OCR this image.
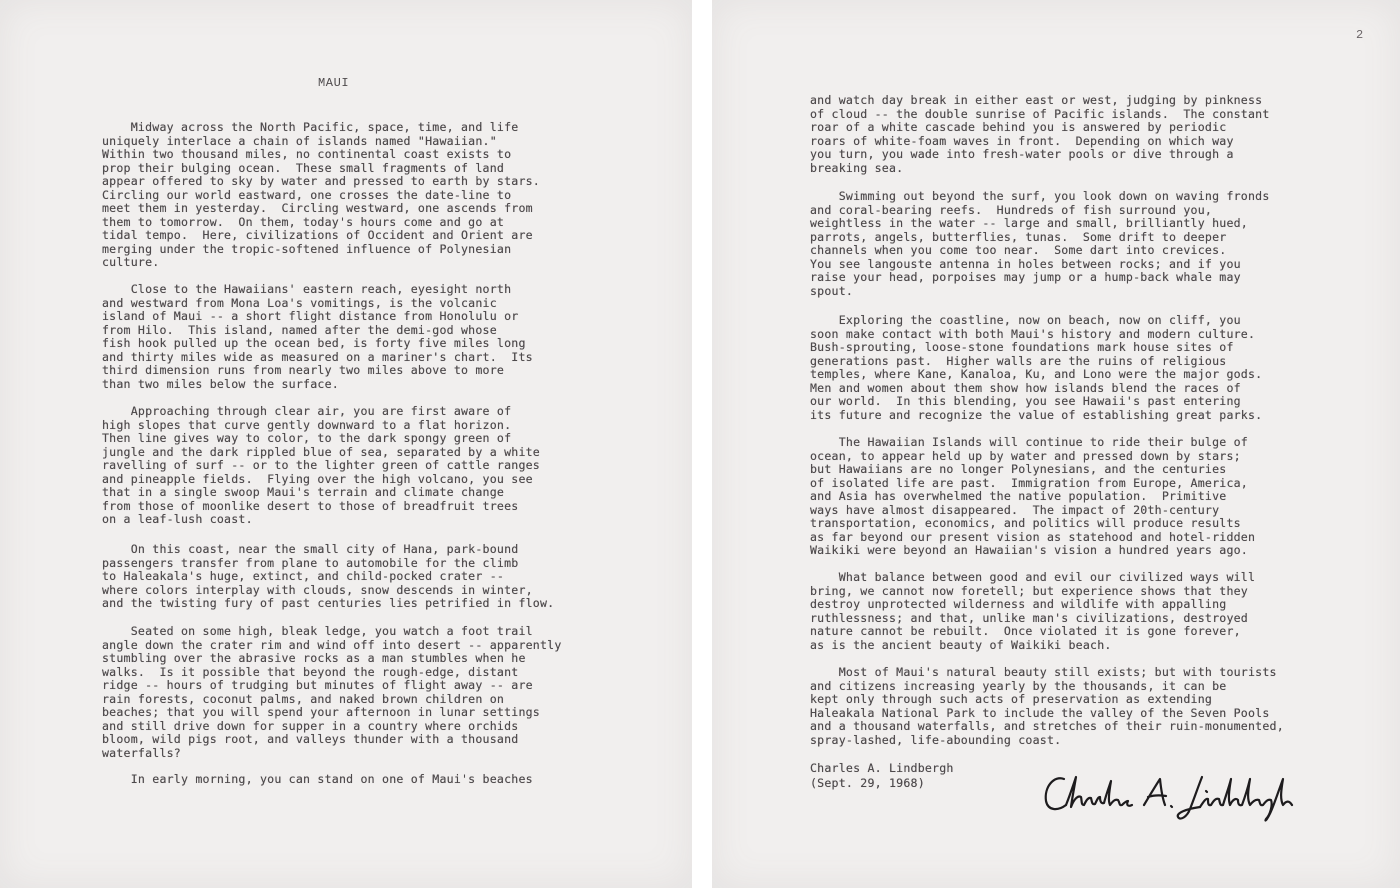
MAUI
Midway across the North Pacific, space, time, and life
uniquely interlace a chain of islands named "Hawaiian."
Within two thousand miles, no continental coast exists to
prop their bulging ocean.  These small fragments of land
appear offered to sky by water and pressed to earth by stars.
Circling our world eastward, one crosses the date-line to
meet them in yesterday.  Circling westward, one ascends from
them to tomorrow.  On them, today's hours come and go at
tidal tempo.  Here, civilizations of Occident and Orient are
merging under the tropic-softened influence of Polynesian
culture.
Close to the Hawaiians' eastern reach, eyesight north
and westward from Mona Loa's vomitings, is the volcanic
island of Maui -- a short flight distance from Honolulu or
from Hilo.  This island, named after the demi-god whose
fish hook pulled up the ocean bed, is forty five miles long
and thirty miles wide as measured on a mariner's chart.  Its
third dimension runs from nearly two miles above to more
than two miles below the surface.
Approaching through clear air, you are first aware of
high slopes that curve gently downward to a flat horizon.
Then line gives way to color, to the dark spongy green of
jungle and the dark rippled blue of sea, separated by a white
ravelling of surf -- or to the lighter green of cattle ranges
and pineapple fields.  Flying over the high volcano, you see
that in a single swoop Maui's terrain and climate change
from those of moonlike desert to those of breadfruit trees
on a leaf-lush coast.
On this coast, near the small city of Hana, park-bound
passengers transfer from plane to automobile for the climb
to Haleakala's huge, extinct, and child-pocked crater --
where colors interplay with clouds, snow descends in winter,
and the twisting fury of past centuries lies petrified in flow.
Seated on some high, bleak ledge, you watch a foot trail
angle down the crater rim and wind off into desert -- apparently
stumbling over the abrasive rocks as a man stumbles when he
walks.  Is it possible that beyond the rough-edge, distant
ridge -- hours of trudging but minutes of flight away -- are
rain forests, coconut palms, and naked brown children on
beaches; that you will spend your afternoon in lunar settings
and still drive down for supper in a country where orchids
bloom, wild pigs root, and valleys thunder with a thousand
waterfalls?
In early morning, you can stand on one of Maui's beaches
2
and watch day break in either east or west, judging by pinkness
of cloud -- the double sunrise of Pacific islands.  The constant
roar of a white cascade behind you is answered by periodic
roars of white-foam waves in front.  Depending on which way
you turn, you wade into fresh-water pools or dive through a
breaking sea.
Swimming out beyond the surf, you look down on waving fronds
and coral-bearing reefs.  Hundreds of fish surround you,
weightless in the water -- large and small, brilliantly hued,
parrots, angels, butterflies, tunas.  Some drift to deeper
channels when you come too near.  Some dart into crevices.
You see langouste antenna in holes between rocks; and if you
raise your head, porpoises may jump or a hump-back whale may
spout.
Exploring the coastline, now on beach, now on cliff, you
soon make contact with both Maui's history and modern culture.
Bush-sprouting, loose-stone foundations mark house sites of
generations past.  Higher walls are the ruins of religious
temples, where Kane, Kanaloa, Ku, and Lono were the major gods.
Men and women about them show how islands blend the races of
our world.  In this blending, you see Hawaii's past entering
its future and recognize the value of establishing great parks.
The Hawaiian Islands will continue to ride their bulge of
ocean, to appear held up by water and pressed down by stars;
but Hawaiians are no longer Polynesians, and the centuries
of isolated life are past.  Immigration from Europe, America,
and Asia has overwhelmed the native population.  Primitive
ways have almost disappeared.  The impact of 20th-century
transportation, economics, and politics will produce results
as far beyond our present vision as statehood and hotel-ridden
Waikiki were beyond an Hawaiian's vision a hundred years ago.
What balance between good and evil our civilized ways will
bring, we cannot now foretell; but experience shows that they
destroy unprotected wilderness and wildlife with appalling
ruthlessness; and that, unlike man's civilizations, destroyed
nature cannot be rebuilt.  Once violated it is gone forever,
as is the ancient beauty of Waikiki beach.
Most of Maui's natural beauty still exists; but with tourists
and citizens increasing yearly by the thousands, it can be
kept only through such acts of preservation as extending
Haleakala National Park to include the valley of the Seven Pools
and a thousand waterfalls, and stretches of their ruin-monumented,
spray-lashed, life-abounding coast.
Charles A. Lindbergh
(Sept. 29, 1968)
